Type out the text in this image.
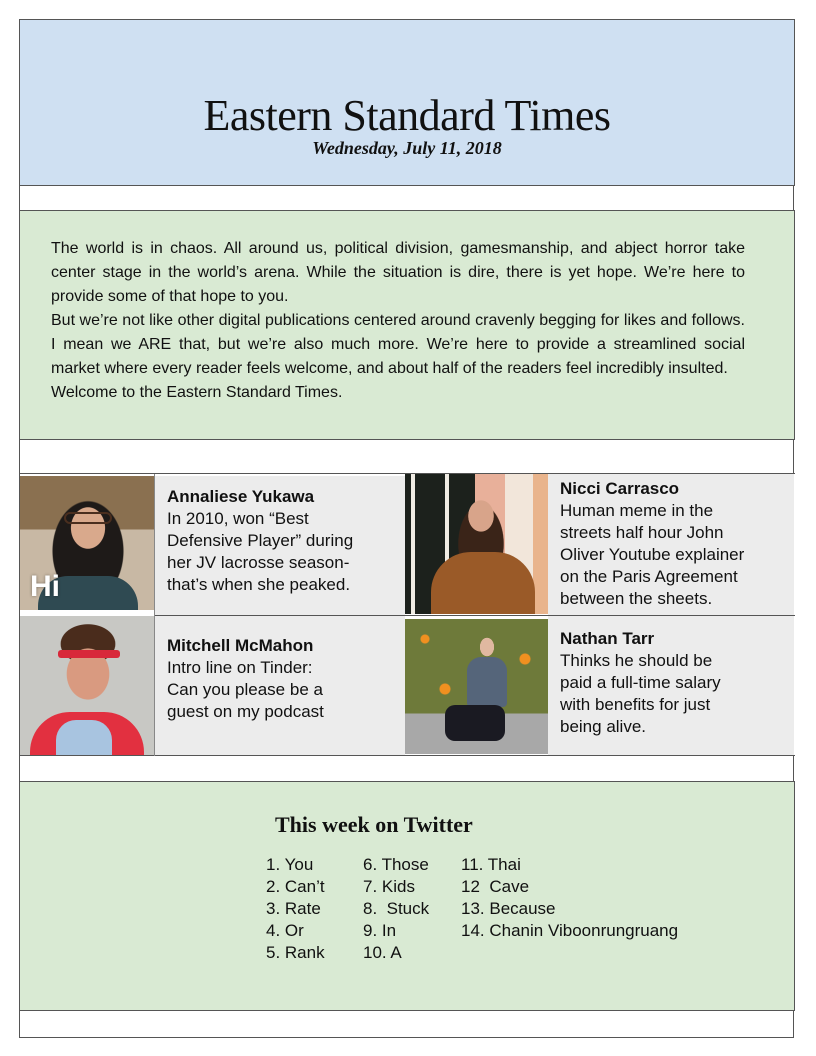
Eastern Standard Times
Wednesday, July 11, 2018

The world is in chaos. All around us, political division, gamesmanship, and abject horror take center stage in the world’s arena. While the situation is dire, there is yet hope. We’re here to provide some of that hope to you.

But we’re not like other digital publications centered around cravenly begging for likes and follows. I mean we ARE that, but we’re also much more. We’re here to provide a streamlined social market where every reader feels welcome, and about half of the readers feel incredibly insulted.

Welcome to the Eastern Standard Times.

Hi
Annaliese Yukawa
In 2010, won “Best
Defensive Player” during
her JV lacrosse season-
that’s when she peaked.
Nicci Carrasco
Human meme in the
streets half hour John
Oliver Youtube explainer
on the Paris Agreement
between the sheets.
Mitchell McMahon
Intro line on Tinder:
Can you please be a
guest on my podcast
Nathan Tarr
Thinks he should be
paid a full-time salary
with benefits for just
being alive.
This week on Twitter
1. You
2. Can’t
3. Rate
4. Or
5. Rank
6. Those
7. Kids
8.  Stuck
9. In
10. A
11. Thai
12  Cave
13. Because
14. Chanin Viboonrungruang
